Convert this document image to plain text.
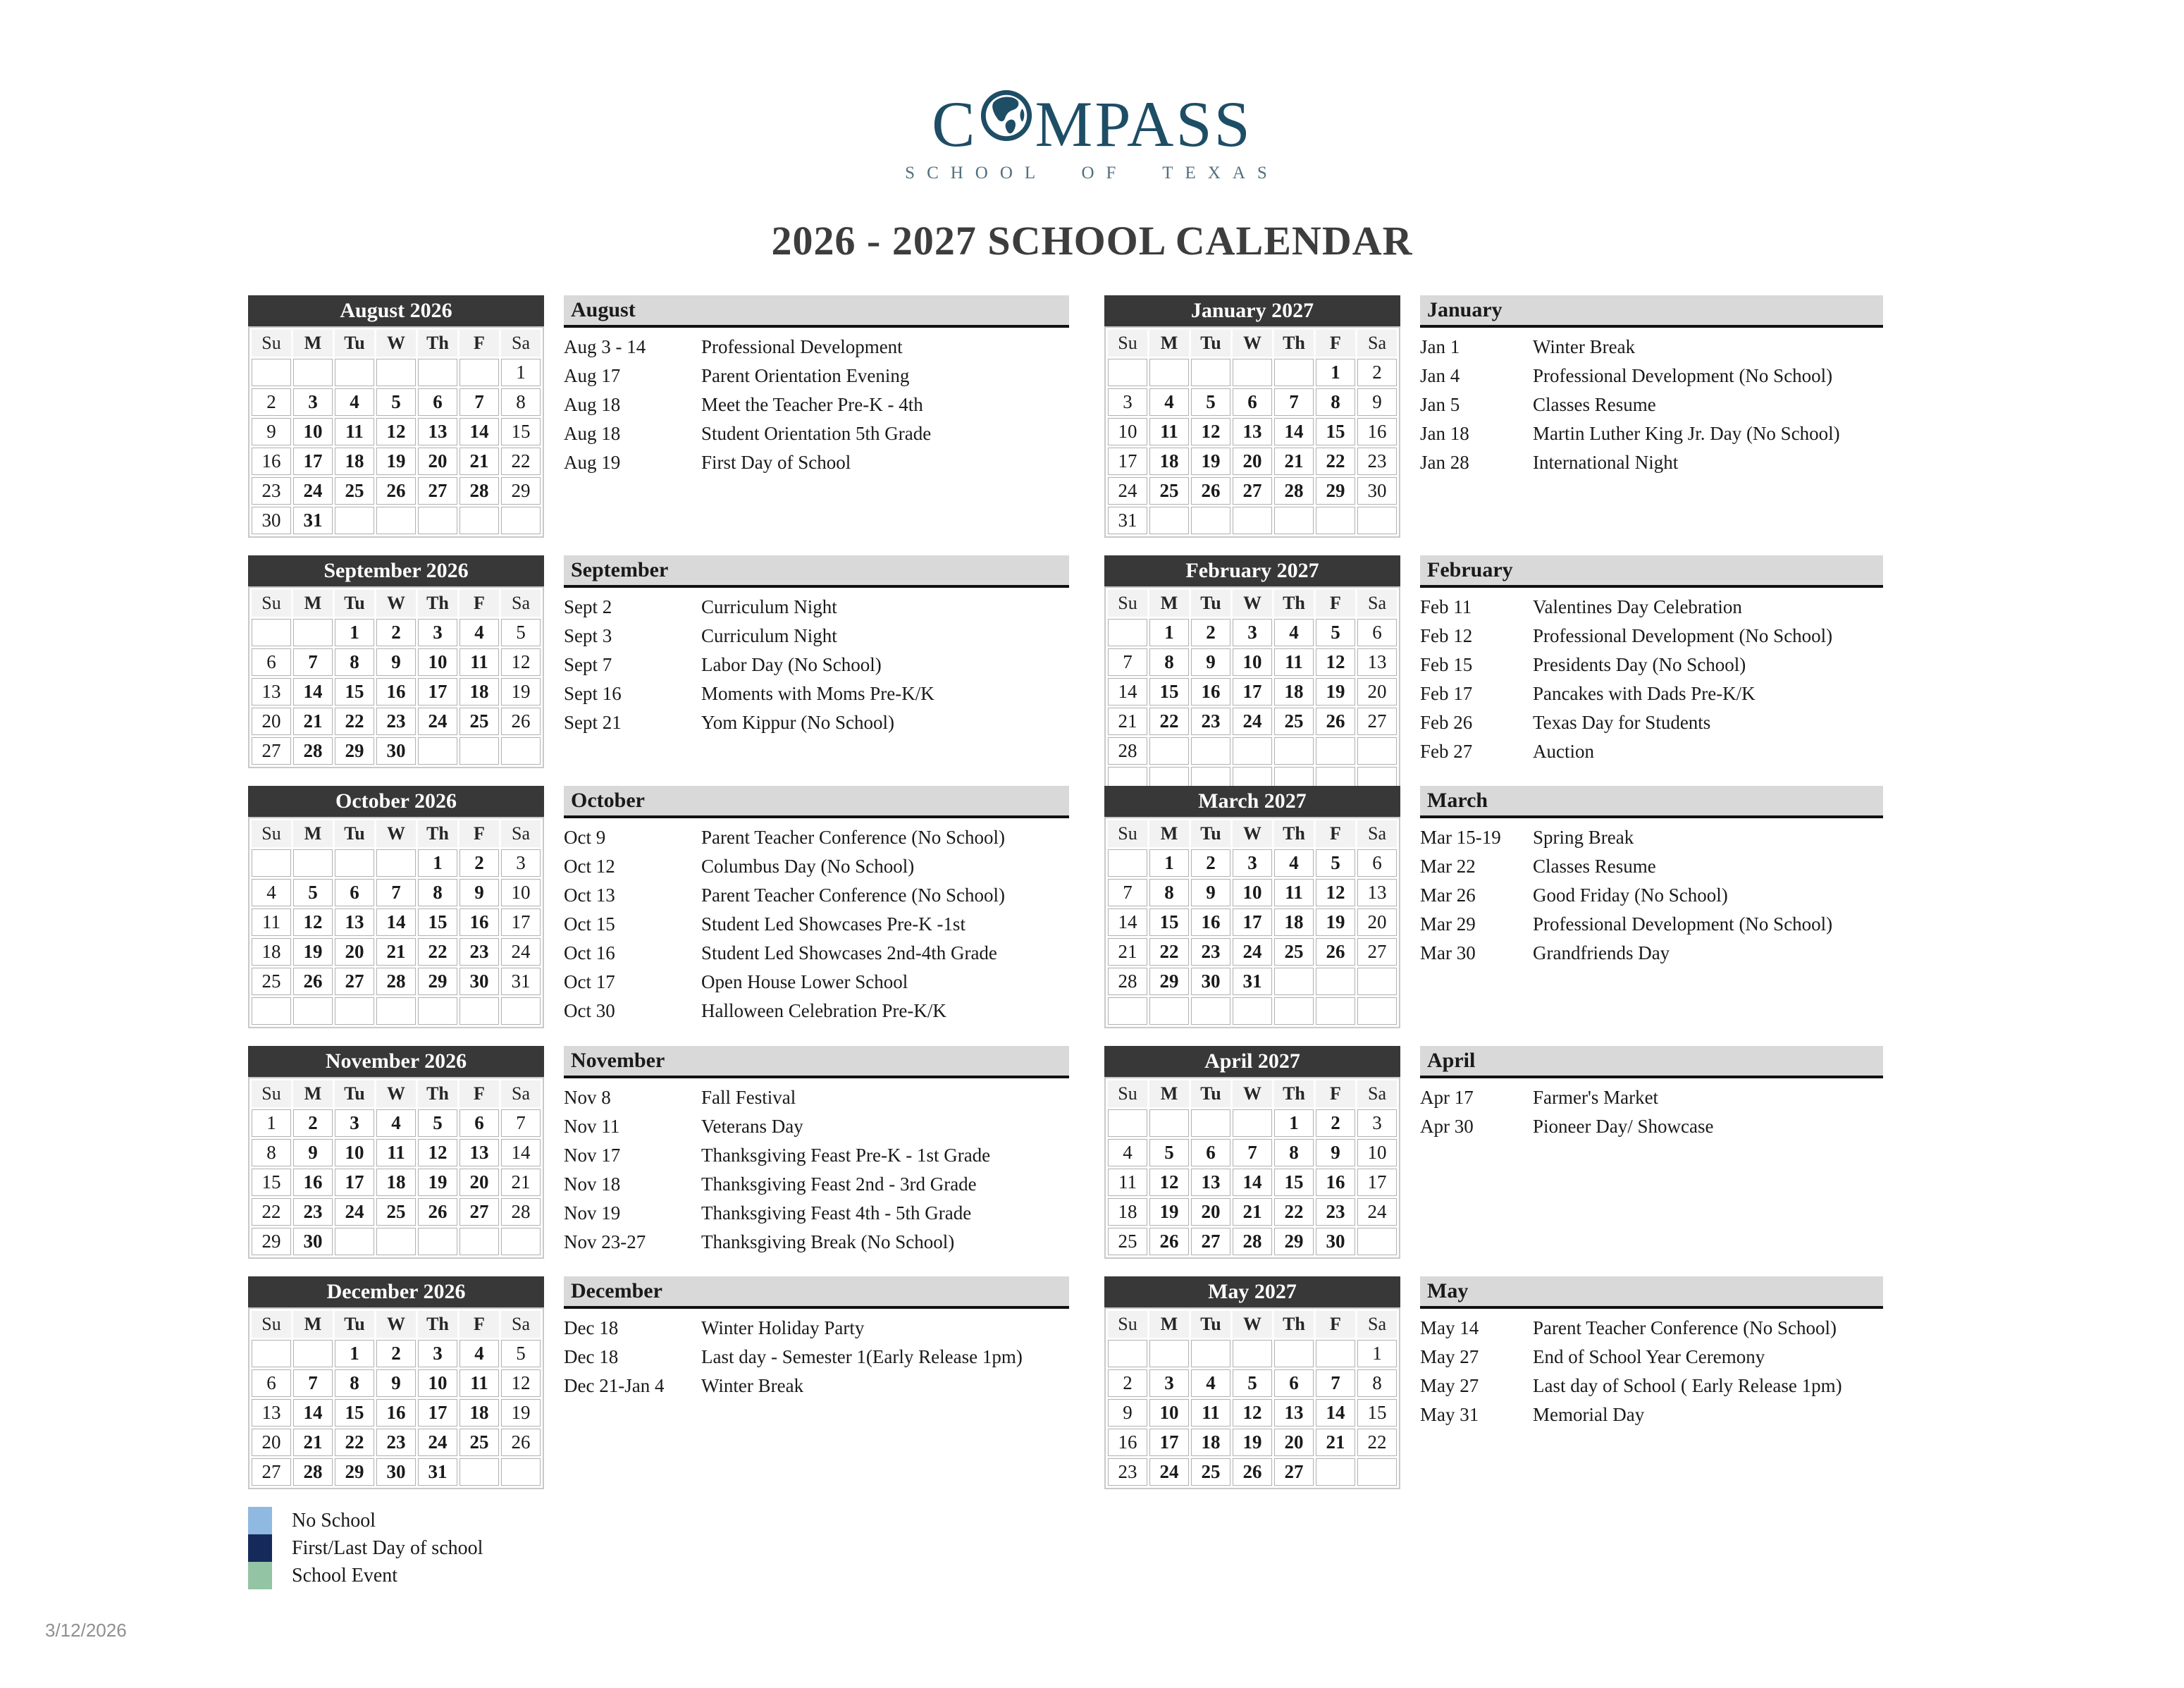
C MPASS
SCHOOL OF TEXAS
2026 - 2027 SCHOOL CALENDAR
August 2026
Su	M	Tu	W	Th	F	Sa
						1
2	3	4	5	6	7	8
9	10	11	12	13	14	15
16	17	18	19	20	21	22
23	24	25	26	27	28	29
30	31					
August
Aug 3 - 14	Professional Development
Aug 17	Parent Orientation Evening
Aug 18	Meet the Teacher Pre-K - 4th
Aug 18	Student Orientation 5th Grade
Aug 19	First Day of School
January 2027
Su	M	Tu	W	Th	F	Sa
					1	2
3	4	5	6	7	8	9
10	11	12	13	14	15	16
17	18	19	20	21	22	23
24	25	26	27	28	29	30
31						
January
Jan 1	Winter Break
Jan 4	Professional Development (No School)
Jan 5	Classes Resume
Jan 18	Martin Luther King Jr. Day (No School)
Jan 28	International Night
September 2026
Su	M	Tu	W	Th	F	Sa
		1	2	3	4	5
6	7	8	9	10	11	12
13	14	15	16	17	18	19
20	21	22	23	24	25	26
27	28	29	30			
September
Sept 2	Curriculum Night
Sept 3	Curriculum Night
Sept 7	Labor Day (No School)
Sept 16	Moments with Moms Pre-K/K
Sept 21	Yom Kippur (No School)
February 2027
Su	M	Tu	W	Th	F	Sa
	1	2	3	4	5	6
7	8	9	10	11	12	13
14	15	16	17	18	19	20
21	22	23	24	25	26	27
28						

February
Feb 11	Valentines Day Celebration
Feb 12	Professional Development (No School)
Feb 15	Presidents Day (No School)
Feb 17	Pancakes with Dads Pre-K/K
Feb 26	Texas Day for Students
Feb 27	Auction
October 2026
Su	M	Tu	W	Th	F	Sa
				1	2	3
4	5	6	7	8	9	10
11	12	13	14	15	16	17
18	19	20	21	22	23	24
25	26	27	28	29	30	31

October
Oct 9	Parent Teacher Conference (No School)
Oct 12	Columbus Day (No School)
Oct 13	Parent Teacher Conference (No School)
Oct 15	Student Led Showcases Pre-K -1st
Oct 16	Student Led Showcases 2nd-4th Grade
Oct 17	Open House Lower School
Oct 30	Halloween Celebration Pre-K/K
March 2027
Su	M	Tu	W	Th	F	Sa
	1	2	3	4	5	6
7	8	9	10	11	12	13
14	15	16	17	18	19	20
21	22	23	24	25	26	27
28	29	30	31			

March
Mar 15-19	Spring Break
Mar 22	Classes Resume
Mar 26	Good Friday (No School)
Mar 29	Professional Development (No School)
Mar 30	Grandfriends Day
November 2026
Su	M	Tu	W	Th	F	Sa
1	2	3	4	5	6	7
8	9	10	11	12	13	14
15	16	17	18	19	20	21
22	23	24	25	26	27	28
29	30					
November
Nov 8	Fall Festival
Nov 11	Veterans Day
Nov 17	Thanksgiving Feast Pre-K - 1st Grade
Nov 18	Thanksgiving Feast 2nd - 3rd Grade
Nov 19	Thanksgiving Feast 4th - 5th Grade
Nov 23-27	Thanksgiving Break (No School)
April 2027
Su	M	Tu	W	Th	F	Sa
				1	2	3
4	5	6	7	8	9	10
11	12	13	14	15	16	17
18	19	20	21	22	23	24
25	26	27	28	29	30	
April
Apr 17	Farmer's Market
Apr 30	Pioneer Day/ Showcase
December 2026
Su	M	Tu	W	Th	F	Sa
		1	2	3	4	5
6	7	8	9	10	11	12
13	14	15	16	17	18	19
20	21	22	23	24	25	26
27	28	29	30	31		
December
Dec 18	Winter Holiday Party
Dec 18	Last day - Semester 1(Early Release 1pm)
Dec 21-Jan 4	Winter Break
May 2027
Su	M	Tu	W	Th	F	Sa
						1
2	3	4	5	6	7	8
9	10	11	12	13	14	15
16	17	18	19	20	21	22
23	24	25	26	27		
May
May 14	Parent Teacher Conference (No School)
May 27	End of School Year Ceremony
May 27	Last day of School ( Early Release 1pm)
May 31	Memorial Day
No School
First/Last Day of school
School Event
3/12/2026
